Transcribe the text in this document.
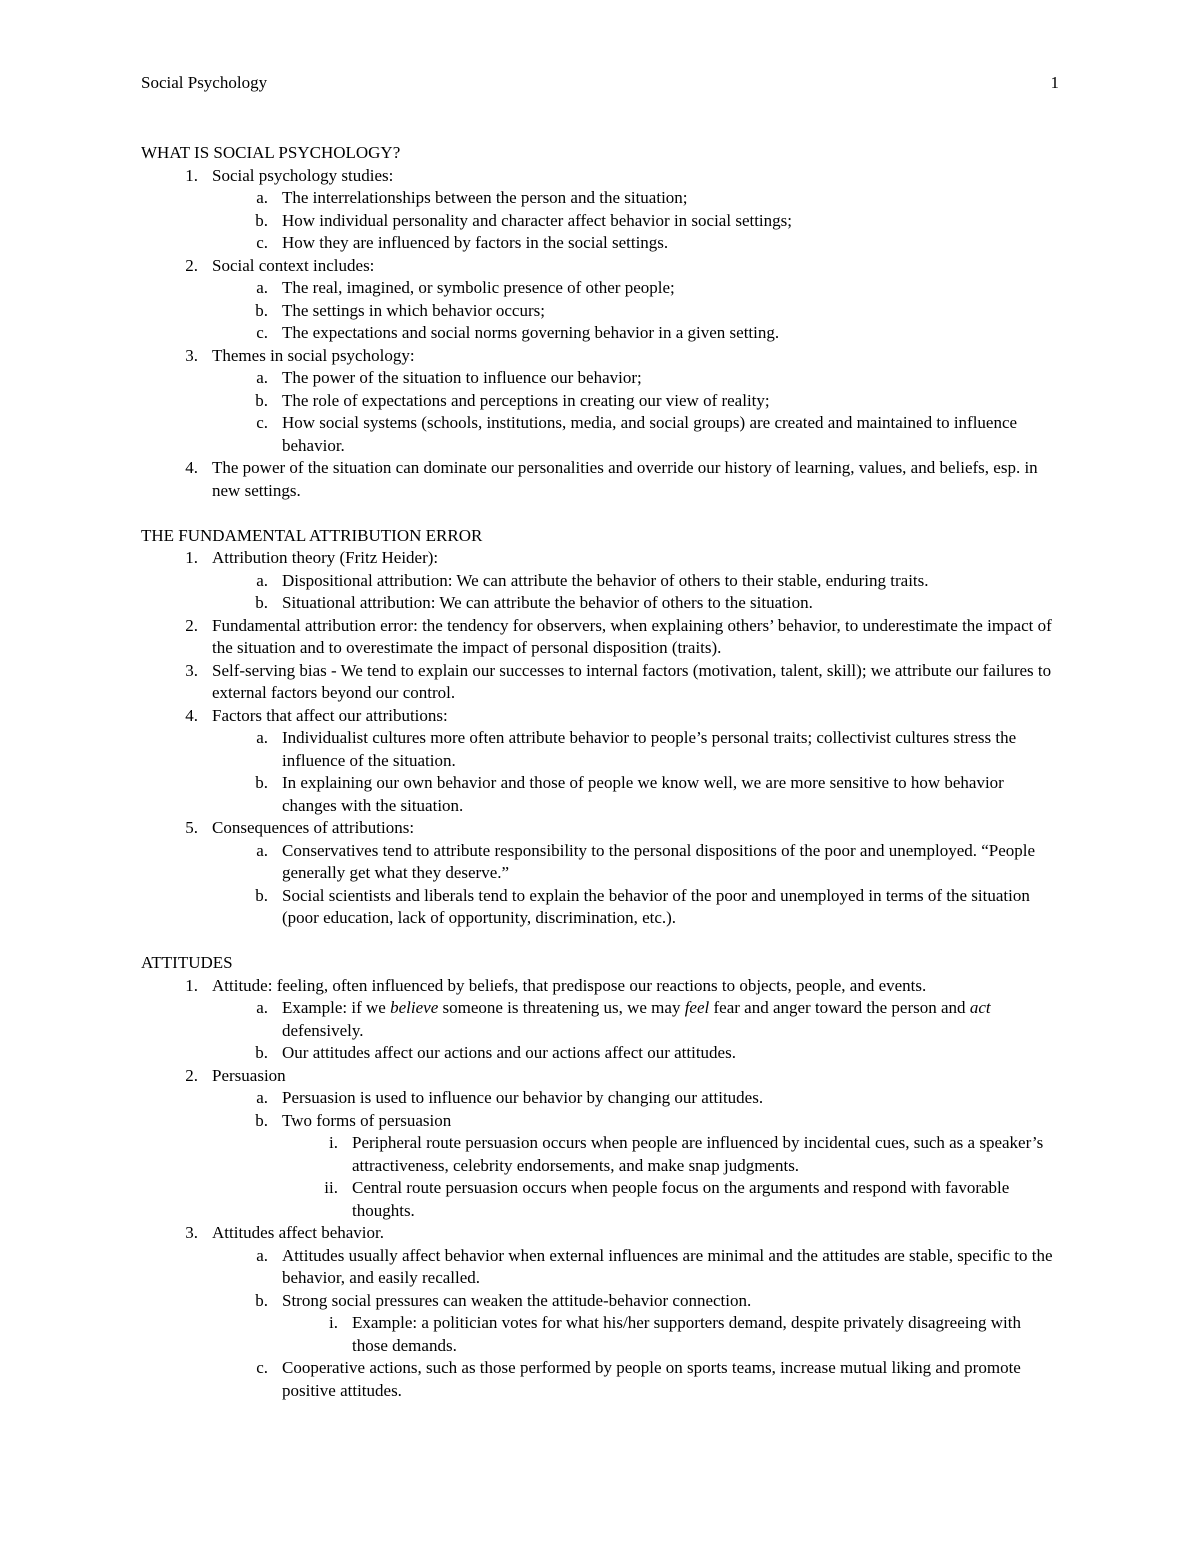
Social Psychology	1
WHAT IS SOCIAL PSYCHOLOGY?
1. Social psychology studies:
a. The interrelationships between the person and the situation;
b. How individual personality and character affect behavior in social settings;
c. How they are influenced by factors in the social settings.
2. Social context includes:
a. The real, imagined, or symbolic presence of other people;
b. The settings in which behavior occurs;
c. The expectations and social norms governing behavior in a given setting.
3. Themes in social psychology:
a. The power of the situation to influence our behavior;
b. The role of expectations and perceptions in creating our view of reality;
c. How social systems (schools, institutions, media, and social groups) are created and maintained to influence behavior.
4. The power of the situation can dominate our personalities and override our history of learning, values, and beliefs, esp. in new settings.
THE FUNDAMENTAL ATTRIBUTION ERROR
1. Attribution theory (Fritz Heider):
a. Dispositional attribution: We can attribute the behavior of others to their stable, enduring traits.
b. Situational attribution: We can attribute the behavior of others to the situation.
2. Fundamental attribution error: the tendency for observers, when explaining others’ behavior, to underestimate the impact of the situation and to overestimate the impact of personal disposition (traits).
3. Self-serving bias - We tend to explain our successes to internal factors (motivation, talent, skill); we attribute our failures to external factors beyond our control.
4. Factors that affect our attributions:
a. Individualist cultures more often attribute behavior to people’s personal traits; collectivist cultures stress the influence of the situation.
b. In explaining our own behavior and those of people we know well, we are more sensitive to how behavior changes with the situation.
5. Consequences of attributions:
a. Conservatives tend to attribute responsibility to the personal dispositions of the poor and unemployed. “People generally get what they deserve.”
b. Social scientists and liberals tend to explain the behavior of the poor and unemployed in terms of the situation (poor education, lack of opportunity, discrimination, etc.).
ATTITUDES
1. Attitude: feeling, often influenced by beliefs, that predispose our reactions to objects, people, and events.
a. Example: if we believe someone is threatening us, we may feel fear and anger toward the person and act defensively.
b. Our attitudes affect our actions and our actions affect our attitudes.
2. Persuasion
a. Persuasion is used to influence our behavior by changing our attitudes.
b. Two forms of persuasion
i. Peripheral route persuasion occurs when people are influenced by incidental cues, such as a speaker’s attractiveness, celebrity endorsements, and make snap judgments.
ii. Central route persuasion occurs when people focus on the arguments and respond with favorable thoughts.
3. Attitudes affect behavior.
a. Attitudes usually affect behavior when external influences are minimal and the attitudes are stable, specific to the behavior, and easily recalled.
b. Strong social pressures can weaken the attitude-behavior connection.
i. Example: a politician votes for what his/her supporters demand, despite privately disagreeing with those demands.
c. Cooperative actions, such as those performed by people on sports teams, increase mutual liking and promote positive attitudes.
